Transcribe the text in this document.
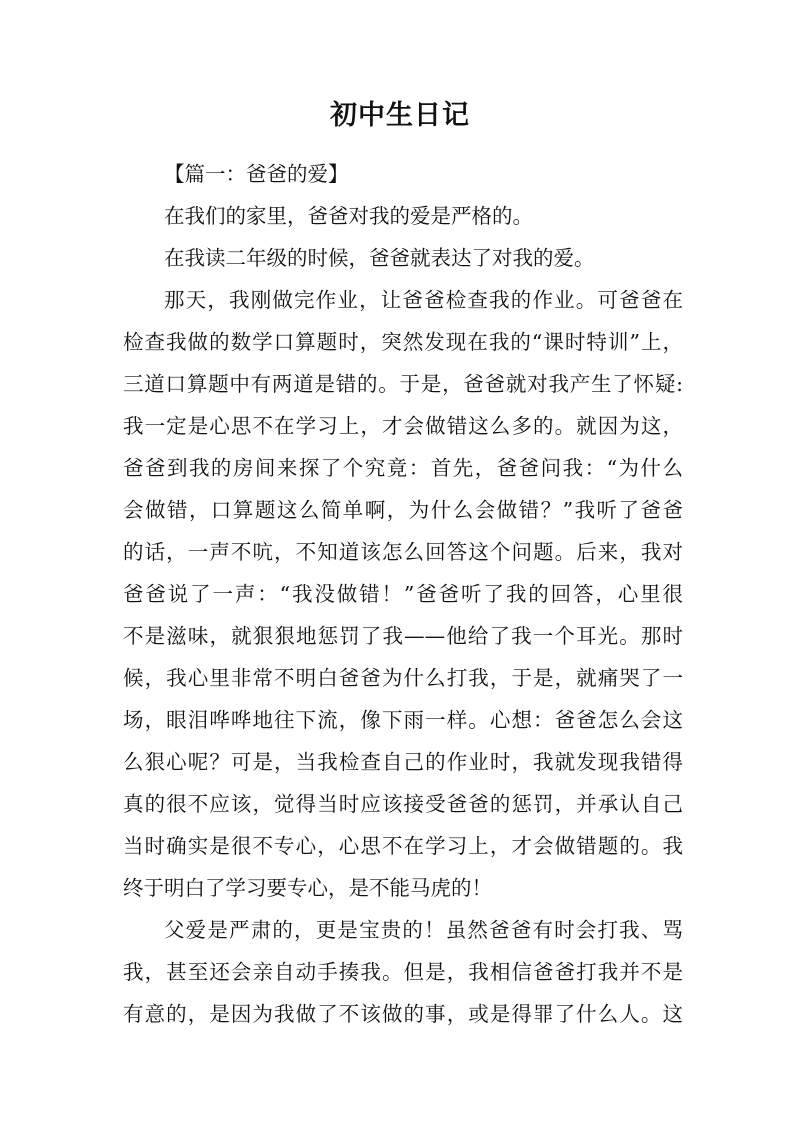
初中生日记
【篇一：爸爸的爱】
在我们的家里，爸爸对我的爱是严格的。
在我读二年级的时候，爸爸就表达了对我的爱。
那天，我刚做完作业，让爸爸检查我的作业。可爸爸在
检查我做的数学口算题时，突然发现在我的“课时特训”上，
三道口算题中有两道是错的。于是，爸爸就对我产生了怀疑:
我一定是心思不在学习上，才会做错这么多的。就因为这，
爸爸到我的房间来探了个究竟：首先，爸爸问我：“为什么
会做错，口算题这么简单啊，为什么会做错？”我听了爸爸
的话，一声不吭，不知道该怎么回答这个问题。后来，我对
爸爸说了一声：“我没做错！”爸爸听了我的回答，心里很
不是滋味，就狠狠地惩罚了我——他给了我一个耳光。那时
候，我心里非常不明白爸爸为什么打我，于是，就痛哭了一
场，眼泪哗哗地往下流，像下雨一样。心想：爸爸怎么会这
么狠心呢？可是，当我检查自己的作业时，我就发现我错得
真的很不应该，觉得当时应该接受爸爸的惩罚，并承认自己
当时确实是很不专心，心思不在学习上，才会做错题的。我
终于明白了学习要专心，是不能马虎的！
父爱是严肃的，更是宝贵的！虽然爸爸有时会打我、骂
我，甚至还会亲自动手揍我。但是，我相信爸爸打我并不是
有意的，是因为我做了不该做的事，或是得罪了什么人。这
